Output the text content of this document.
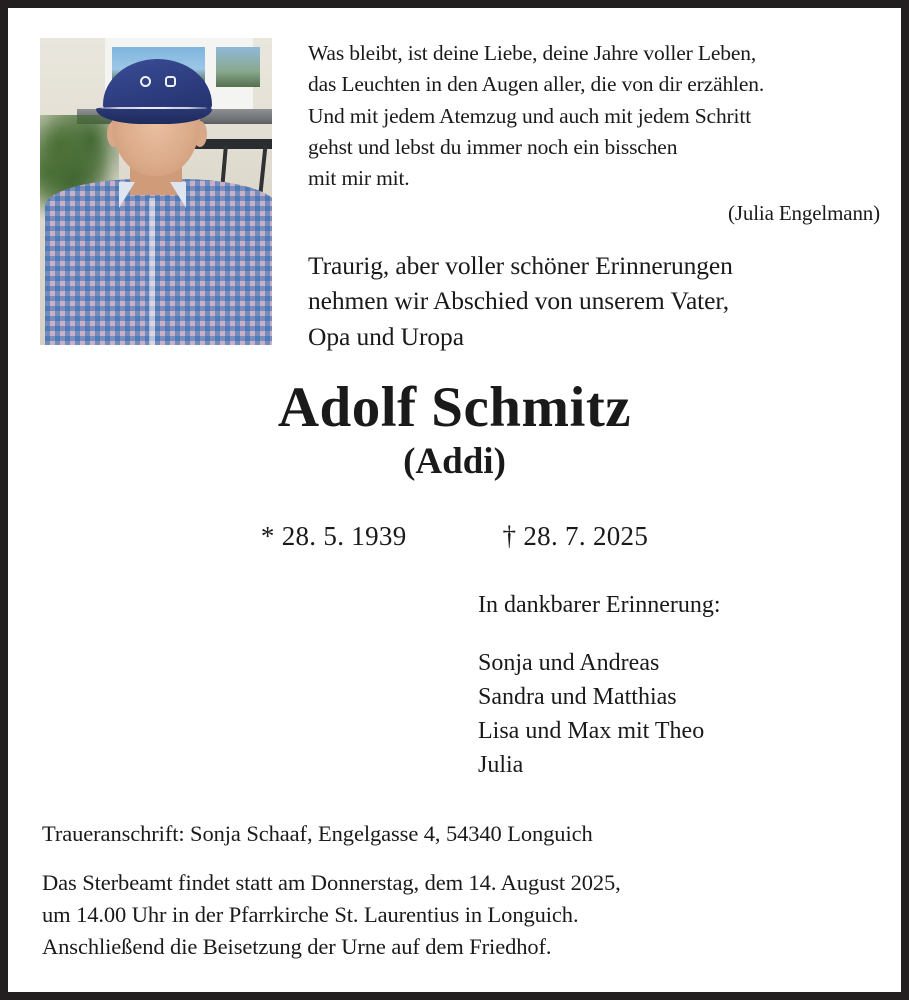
Was bleibt, ist deine Liebe, deine Jahre voller Leben,
das Leuchten in den Augen aller, die von dir erzählen.
Und mit jedem Atemzug und auch mit jedem Schritt
gehst und lebst du immer noch ein bisschen
mit mir mit.
(Julia Engelmann)
Traurig, aber voller schöner Erinnerungen
nehmen wir Abschied von unserem Vater,
Opa und Uropa
Adolf Schmitz
(Addi)
* 28. 5. 1939	† 28. 7. 2025
In dankbarer Erinnerung:
Sonja und Andreas
Sandra und Matthias
Lisa und Max mit Theo
Julia
Traueranschrift: Sonja Schaaf, Engelgasse 4, 54340 Longuich
Das Sterbeamt findet statt am Donnerstag, dem 14. August 2025,
um 14.00 Uhr in der Pfarrkirche St. Laurentius in Longuich.
Anschließend die Beisetzung der Urne auf dem Friedhof.
